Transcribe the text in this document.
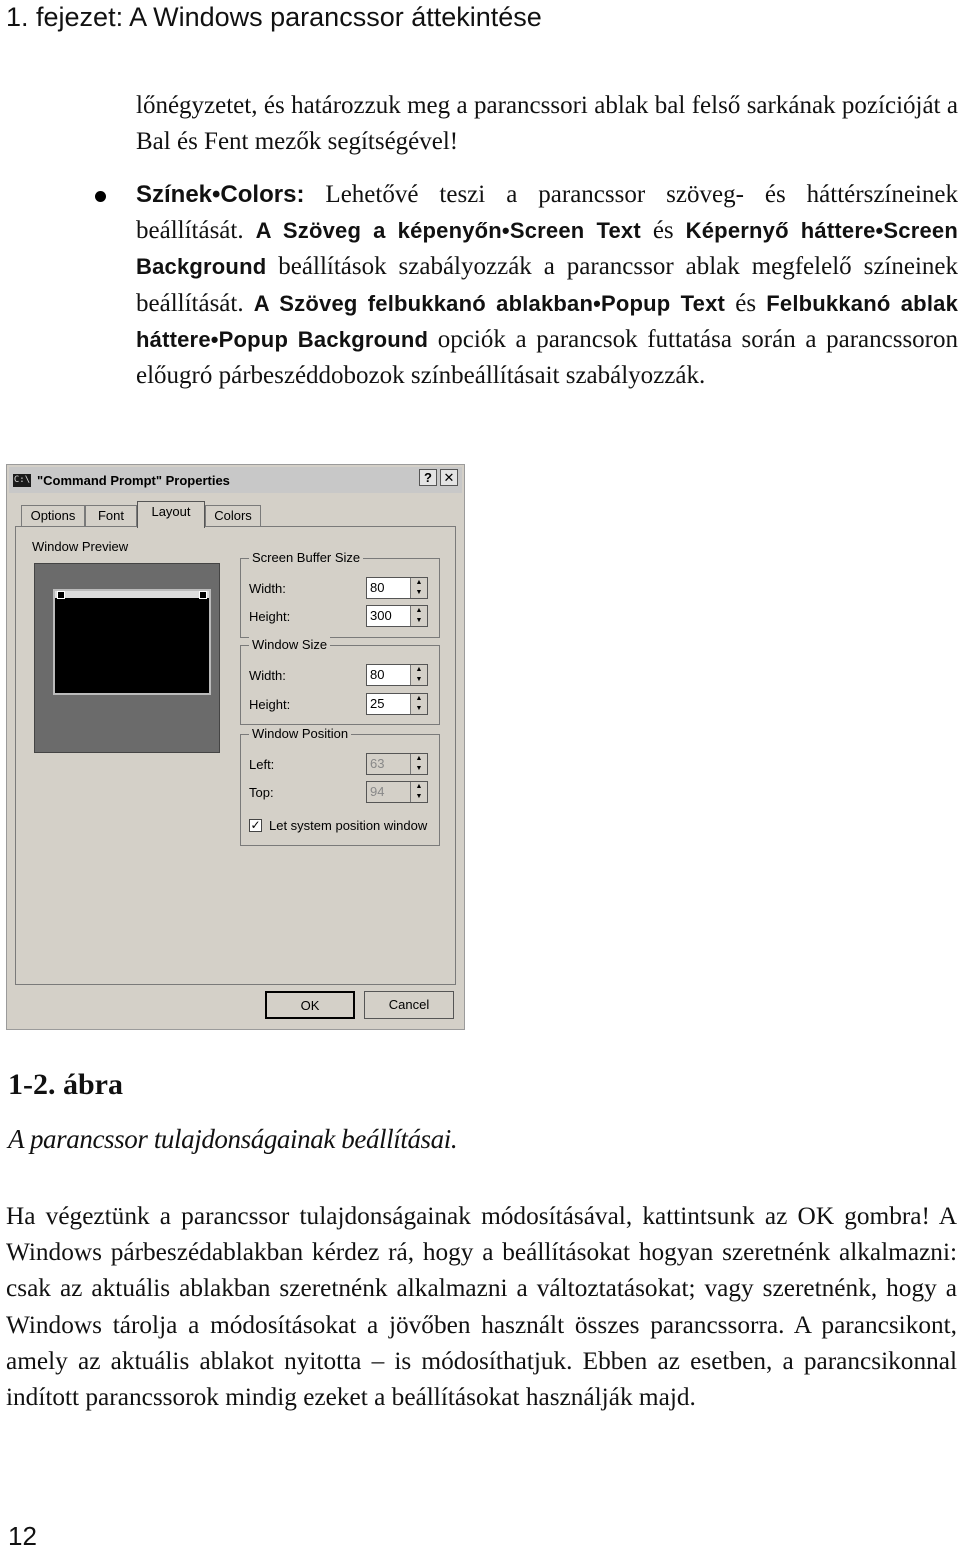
1. fejezet: A Windows parancssor áttekintése
lőnégyzetet, és határozzuk meg a parancssori ablak bal felső sarkának pozícióját a Bal és Fent mezők segítségével!
Színek•Colors: Lehetővé teszi a parancssor szöveg- és háttérszíneinek beállítását. A Szöveg a képenyőn•Screen Text és Képernyő háttere•Screen Background beállítások szabályozzák a parancssor ablak megfelelő színeinek beállítását. A Szöveg felbukkanó ablakban•Popup Text és Felbukkanó ablak háttere•Popup Background opciók a parancsok futtatása során a parancssoron előugró párbeszéddobozok színbeállításait szabályozzák.
C:\ "Command Prompt" Properties	? ✕
Options	Font	Layout	Colors
Window Preview
Screen Buffer Size
Width:	80	▲
▼
Height:	300	▲
▼
Window Size
Width:	80	▲
▼
Height:	25	▲
▼
Window Position
Left:	63	▲
▼
Top:	94	▲
▼
✓ Let system position window
OK	Cancel
1-2. ábra
A parancssor tulajdonságainak beállításai.
Ha végeztünk a parancssor tulajdonságainak módosításával, kattintsunk az OK gombra! A Windows párbeszédablakban kérdez rá, hogy a beállításokat hogyan szeretnénk alkalmazni: csak az aktuális ablakban szeretnénk alkalmazni a változtatásokat; vagy szeretnénk, hogy a Windows tárolja a módosításokat a jövőben használt összes parancssorra. A parancsikont, amely az aktuális ablakot nyitotta – is módosíthatjuk. Ebben az esetben, a parancsikonnal indított parancssorok mindig ezeket a beállításokat használják majd.
12
